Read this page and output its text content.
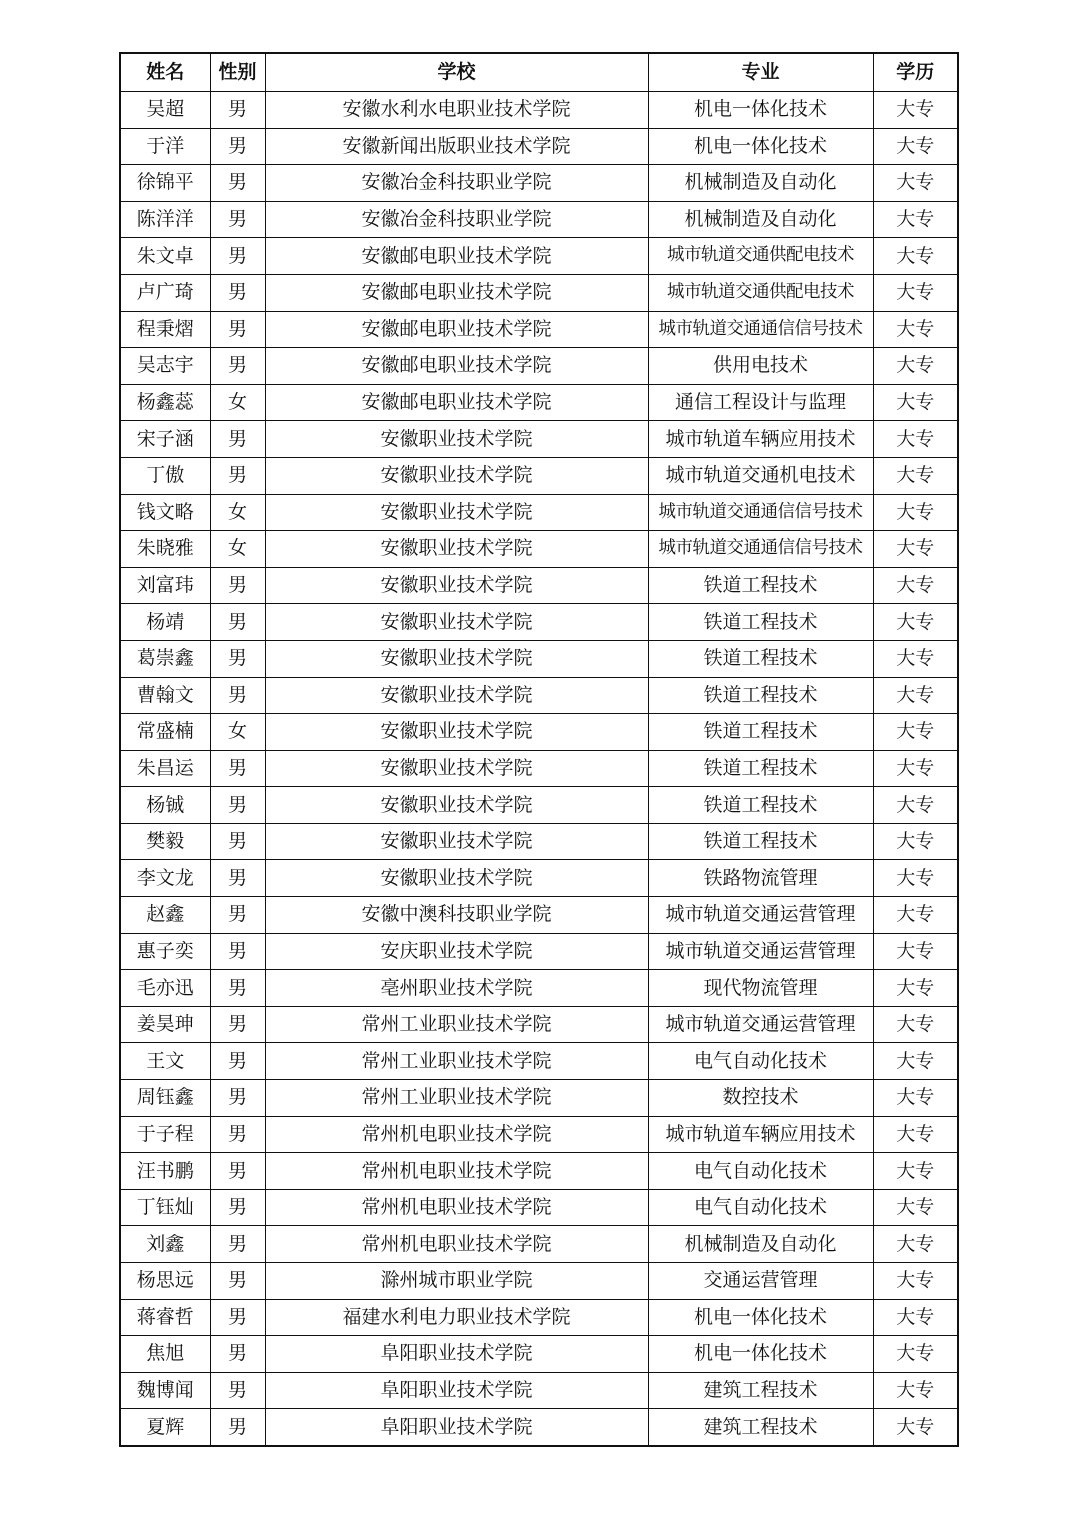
姓名	性别	学校	专业	学历
吴超	男	安徽水利水电职业技术学院	机电一体化技术	大专
于洋	男	安徽新闻出版职业技术学院	机电一体化技术	大专
徐锦平	男	安徽冶金科技职业学院	机械制造及自动化	大专
陈洋洋	男	安徽冶金科技职业学院	机械制造及自动化	大专
朱文卓	男	安徽邮电职业技术学院	城市轨道交通供配电技术	大专
卢广琦	男	安徽邮电职业技术学院	城市轨道交通供配电技术	大专
程秉熠	男	安徽邮电职业技术学院	城市轨道交通通信信号技术	大专
吴志宇	男	安徽邮电职业技术学院	供用电技术	大专
杨鑫蕊	女	安徽邮电职业技术学院	通信工程设计与监理	大专
宋子涵	男	安徽职业技术学院	城市轨道车辆应用技术	大专
丁傲	男	安徽职业技术学院	城市轨道交通机电技术	大专
钱文略	女	安徽职业技术学院	城市轨道交通通信信号技术	大专
朱晓雅	女	安徽职业技术学院	城市轨道交通通信信号技术	大专
刘富玮	男	安徽职业技术学院	铁道工程技术	大专
杨靖	男	安徽职业技术学院	铁道工程技术	大专
葛崇鑫	男	安徽职业技术学院	铁道工程技术	大专
曹翰文	男	安徽职业技术学院	铁道工程技术	大专
常盛楠	女	安徽职业技术学院	铁道工程技术	大专
朱昌运	男	安徽职业技术学院	铁道工程技术	大专
杨铖	男	安徽职业技术学院	铁道工程技术	大专
樊毅	男	安徽职业技术学院	铁道工程技术	大专
李文龙	男	安徽职业技术学院	铁路物流管理	大专
赵鑫	男	安徽中澳科技职业学院	城市轨道交通运营管理	大专
惠子奕	男	安庆职业技术学院	城市轨道交通运营管理	大专
毛亦迅	男	亳州职业技术学院	现代物流管理	大专
姜昊珅	男	常州工业职业技术学院	城市轨道交通运营管理	大专
王文	男	常州工业职业技术学院	电气自动化技术	大专
周钰鑫	男	常州工业职业技术学院	数控技术	大专
于子程	男	常州机电职业技术学院	城市轨道车辆应用技术	大专
汪书鹏	男	常州机电职业技术学院	电气自动化技术	大专
丁钰灿	男	常州机电职业技术学院	电气自动化技术	大专
刘鑫	男	常州机电职业技术学院	机械制造及自动化	大专
杨思远	男	滁州城市职业学院	交通运营管理	大专
蒋睿哲	男	福建水利电力职业技术学院	机电一体化技术	大专
焦旭	男	阜阳职业技术学院	机电一体化技术	大专
魏博闻	男	阜阳职业技术学院	建筑工程技术	大专
夏辉	男	阜阳职业技术学院	建筑工程技术	大专
